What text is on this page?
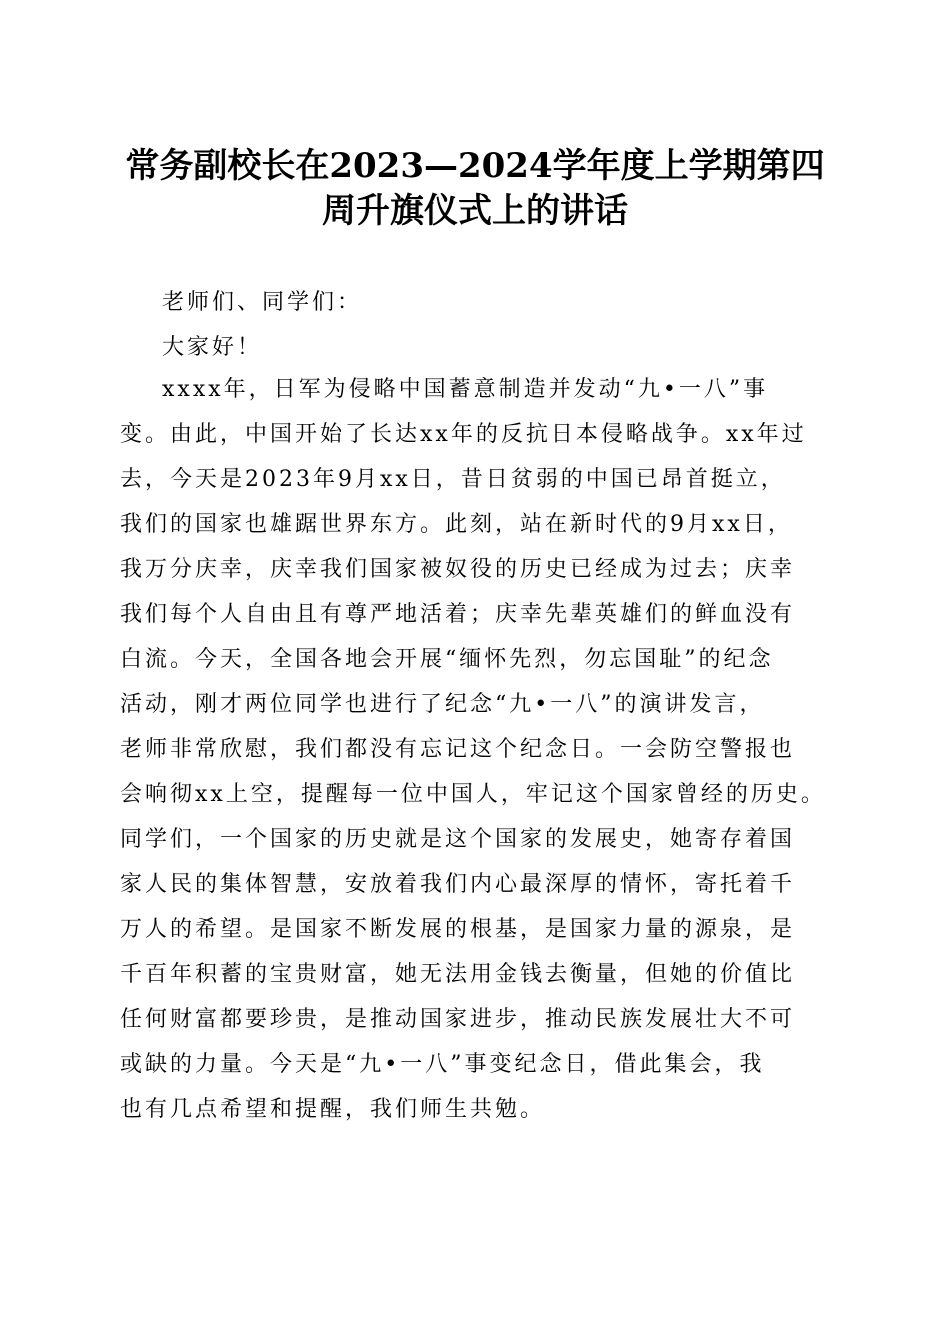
常务副校长在2023—2024学年度上学期第四
周升旗仪式上的讲话
老师们、同学们：
大家好！
xxxx年，日军为侵略中国蓄意制造并发动“九•一八”事
变。由此，中国开始了长达xx年的反抗日本侵略战争。xx年过
去，今天是2023年9月xx日，昔日贫弱的中国已昂首挺立，
我们的国家也雄踞世界东方。此刻，站在新时代的9月xx日，
我万分庆幸，庆幸我们国家被奴役的历史已经成为过去；庆幸
我们每个人自由且有尊严地活着；庆幸先辈英雄们的鲜血没有
白流。今天，全国各地会开展“缅怀先烈，勿忘国耻”的纪念
活动，刚才两位同学也进行了纪念“九•一八”的演讲发言，
老师非常欣慰，我们都没有忘记这个纪念日。一会防空警报也
会响彻xx上空，提醒每一位中国人，牢记这个国家曾经的历史。
同学们，一个国家的历史就是这个国家的发展史，她寄存着国
家人民的集体智慧，安放着我们内心最深厚的情怀，寄托着千
万人的希望。是国家不断发展的根基，是国家力量的源泉，是
千百年积蓄的宝贵财富，她无法用金钱去衡量，但她的价值比
任何财富都要珍贵，是推动国家进步，推动民族发展壮大不可
或缺的力量。今天是“九•一八”事变纪念日，借此集会，我
也有几点希望和提醒，我们师生共勉。
